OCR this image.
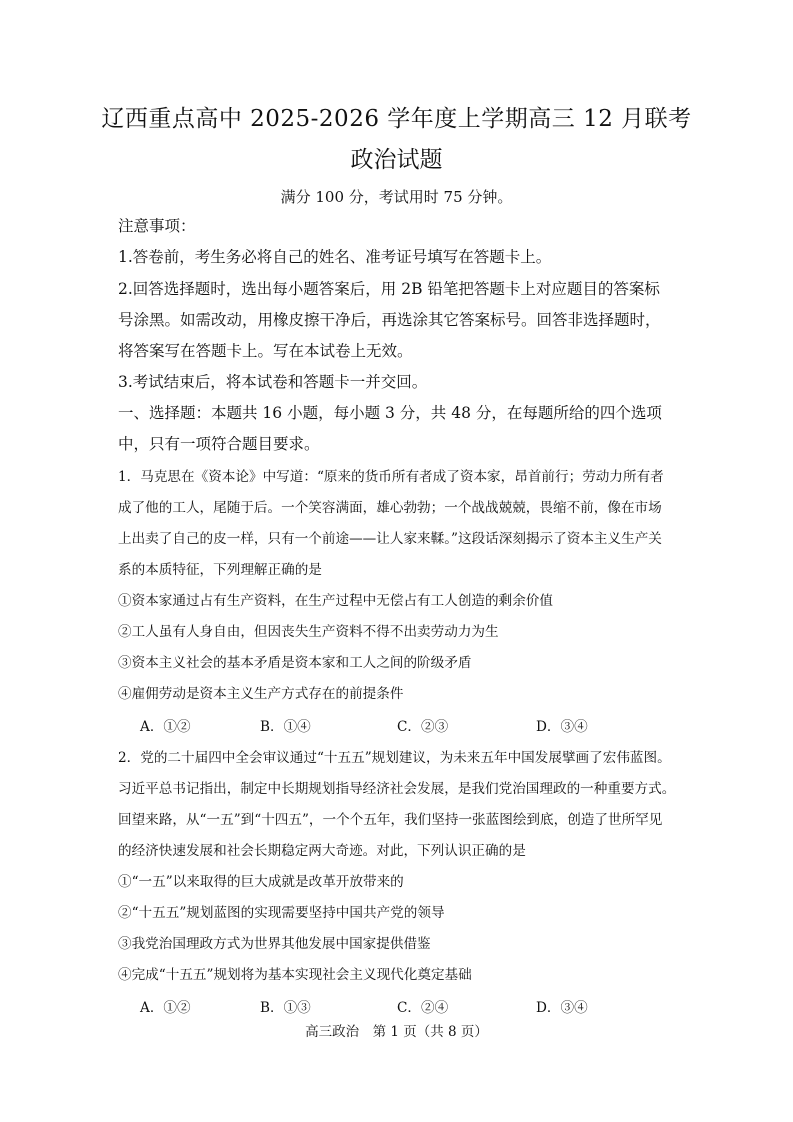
辽西重点高中 2025-2026 学年度上学期高三 12 月联考
政治试题
满分 100 分，考试用时 75 分钟。
注意事项：
1.答卷前，考生务必将自己的姓名、准考证号填写在答题卡上。
2.回答选择题时，选出每小题答案后，用 2B 铅笔把答题卡上对应题目的答案标
号涂黑。如需改动，用橡皮擦干净后，再选涂其它答案标号。回答非选择题时，
将答案写在答题卡上。写在本试卷上无效。
3.考试结束后，将本试卷和答题卡一并交回。
一、选择题：本题共 16 小题，每小题 3 分，共 48 分，在每题所给的四个选项
中，只有一项符合题目要求。
1．马克思在《资本论》中写道：“原来的货币所有者成了资本家，昂首前行；劳动力所有者
成了他的工人，尾随于后。一个笑容满面，雄心勃勃；一个战战兢兢，畏缩不前，像在市场
上出卖了自己的皮一样，只有一个前途——让人家来鞣。”这段话深刻揭示了资本主义生产关
系的本质特征，下列理解正确的是
①资本家通过占有生产资料，在生产过程中无偿占有工人创造的剩余价值
②工人虽有人身自由，但因丧失生产资料不得不出卖劳动力为生
③资本主义社会的基本矛盾是资本家和工人之间的阶级矛盾
④雇佣劳动是资本主义生产方式存在的前提条件
A．①②	B．①④	C．②③	D．③④
2．党的二十届四中全会审议通过“十五五”规划建议，为未来五年中国发展擘画了宏伟蓝图。
习近平总书记指出，制定中长期规划指导经济社会发展，是我们党治国理政的一种重要方式。
回望来路，从“一五”到“十四五”，一个个五年，我们坚持一张蓝图绘到底，创造了世所罕见
的经济快速发展和社会长期稳定两大奇迹。对此，下列认识正确的是
①“一五”以来取得的巨大成就是改革开放带来的
②“十五五”规划蓝图的实现需要坚持中国共产党的领导
③我党治国理政方式为世界其他发展中国家提供借鉴
④完成“十五五”规划将为基本实现社会主义现代化奠定基础
A．①②	B．①③	C．②④	D．③④
高三政治　第 1 页（共 8 页）
